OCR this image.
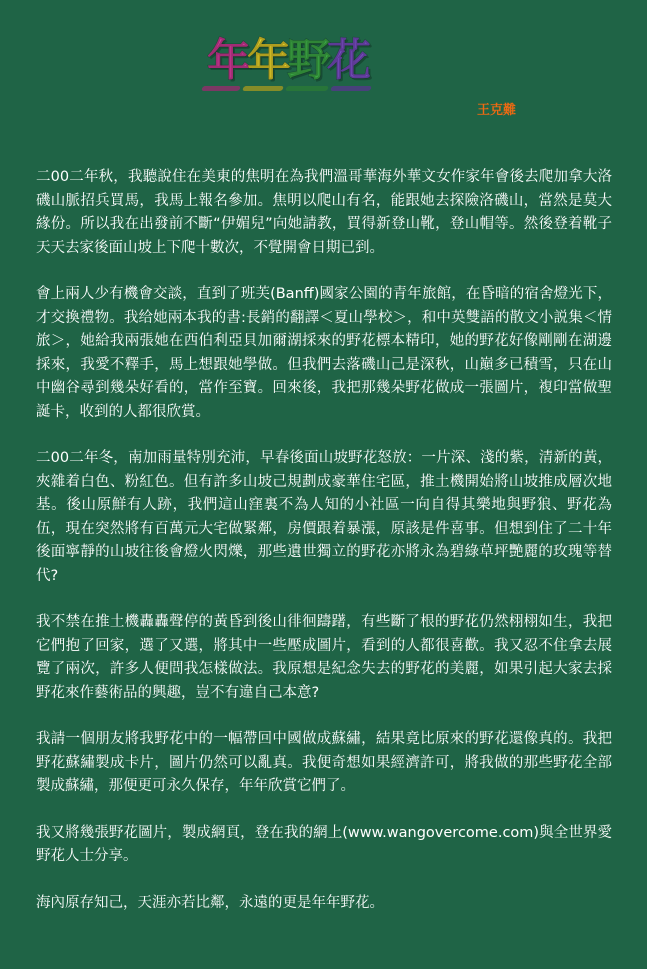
年 年 野 花
王克難

二00二年秋，我聽說住在美東的焦明在為我們溫哥華海外華文女作家年會後去爬加拿大洛磯山脈招兵買馬，我馬上報名參加。焦明以爬山有名，能跟她去探險洛磯山，當然是莫大緣份。所以我在出發前不斷“伊媚兒”向她請教，買得新登山靴，登山帽等。然後登着靴子天天去家後面山坡上下爬十數次，不覺開會日期已到。

會上兩人少有機會交談，直到了班芙(Banff)國家公園的青年旅館，在昏暗的宿舍燈光下，才交換禮物。我给她兩本我的書:長銷的翻譯＜夏山學校＞，和中英雙語的散文小説集＜情旅＞，她給我兩張她在西伯利亞貝加爾湖採來的野花標本精印，她的野花好像剛剛在湖邊採來，我愛不釋手，馬上想跟她學做。但我們去落磯山己是深秋，山巔多已積雪，只在山中幽谷尋到幾朵好看的，當作至寶。回來後，我把那幾朵野花做成一張圖片，複印當做聖誕卡，收到的人都很欣賞。

二00二年冬，南加雨量特別充沛，早春後面山坡野花怒放：一片深、淺的紫，清新的黃，夾雜着白色、粉紅色。但有許多山坡己規劃成豪華住宅區，推土機開始將山坡推成層次地基。後山原鮮有人跡，我們這山窪裏不為人知的小社區一向自得其樂地與野狼、野花為伍，現在突然將有百萬元大宅做緊鄰，房價跟着暴漲，原該是件喜事。但想到住了二十年後面寧靜的山坡往後會燈火閃爍，那些遺世獨立的野花亦將永為碧綠草坪艷麗的玫瑰等替代?

我不禁在推土機轟轟聲停的黃昏到後山徘徊躊躇，有些斷了根的野花仍然栩栩如生，我把它們抱了回家，選了又選，將其中一些壓成圖片，看到的人都很喜歡。我又忍不住拿去展覽了兩次，許多人便問我怎樣做法。我原想是紀念失去的野花的美麗，如果引起大家去採野花來作藝術品的興趣，豈不有違自己本意?

我請一個朋友將我野花中的一幅帶回中國做成蘇繡，結果竟比原來的野花還像真的。我把野花蘇繡製成卡片，圖片仍然可以亂真。我便奇想如果經濟許可，將我做的那些野花全部製成蘇繡，那便更可永久保存，年年欣賞它們了。

我又將幾張野花圖片，製成網頁，登在我的網上(www.wangovercome.com)與全世界愛野花人士分享。

海內原存知己，天涯亦若比鄰，永遠的更是年年野花。
